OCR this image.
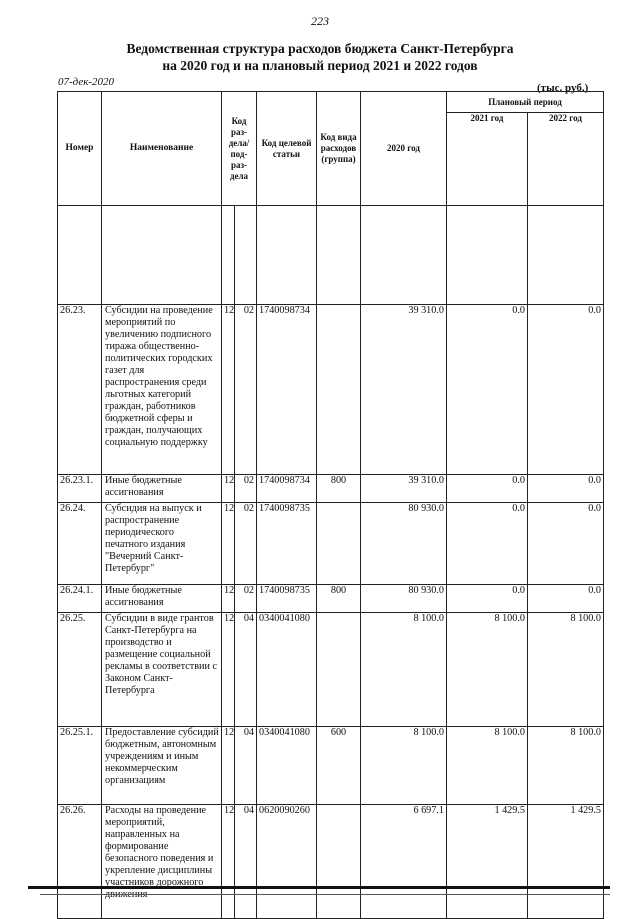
223
Ведомственная структура расходов бюджета Санкт-Петербурга
на 2020 год и на плановый период 2021 и 2022 годов
07-дек-2020	(тыс. руб.)
Номер	Наименование	Код раз- дела/ под- раз- дела		Код целевой статьи	Код вида расходов (группа)	2020 год	Плановый период	
							2021 год	2022 год

26.23.	Субсидии на проведение мероприятий по увеличению подписного тиража общественно-политических городских газет для распространения среди льготных категорий граждан, работников бюджетной сферы и граждан, получающих социальную поддержку	12	02	1740098734		39 310.0	0.0	0.0
26.23.1.	Иные бюджетные ассигнования	12	02	1740098734	800	39 310.0	0.0	0.0
26.24.	Субсидия на выпуск и распространение периодического печатного издания "Вечерний Санкт-Петербург"	12	02	1740098735		80 930.0	0.0	0.0
26.24.1.	Иные бюджетные ассигнования	12	02	1740098735	800	80 930.0	0.0	0.0
26.25.	Субсидии в виде грантов Санкт-Петербурга на производство и размещение социальной рекламы в соответствии с Законом Санкт-Петербурга	12	04	0340041080		8 100.0	8 100.0	8 100.0
26.25.1.	Предоставление субсидий бюджетным, автономным учреждениям и иным некоммерческим организациям	12	04	0340041080	600	8 100.0	8 100.0	8 100.0
26.26.	Расходы на проведение мероприятий, направленных на формирование безопасного поведения и укрепление дисциплины участников дорожного движения	12	04	0620090260		6 697.1	1 429.5	1 429.5
